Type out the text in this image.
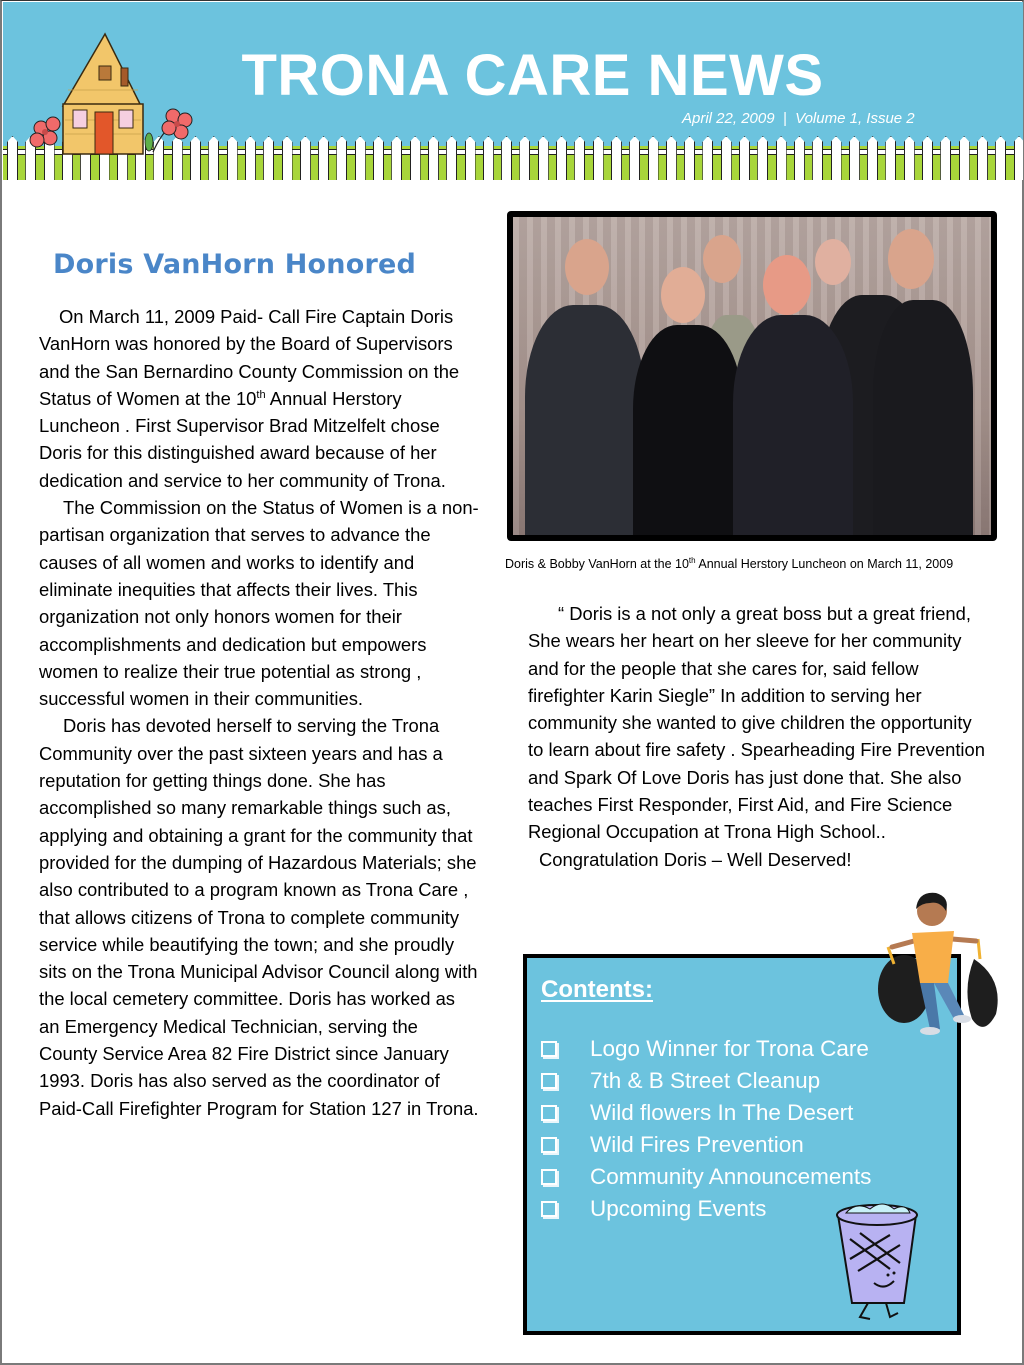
TRONA CARE NEWS
April 22, 2009  |  Volume 1, Issue 2
Doris VanHorn Honored

On March 11, 2009 Paid- Call Fire Captain Doris VanHorn was honored by the Board of Supervisors and the San Bernardino County Commission on the Status of Women at the 10th Annual Herstory Luncheon . First Supervisor Brad Mitzelfelt chose Doris for this distinguished award because of her dedication and service to her community of Trona.

The Commission on the Status of Women is a non-partisan organization that serves to advance the causes of all women and works to identify and eliminate inequities that affects their lives. This organization not only honors women for their accomplishments and dedication but empowers women to realize their true potential as strong , successful women in their communities.

Doris has devoted herself to serving the Trona Community over the past sixteen years and has a reputation for getting things done. She has accomplished so many remarkable things such as, applying and obtaining a grant for the community that provided for the dumping of Hazardous Materials; she also contributed to a program known as Trona Care , that allows citizens of Trona to complete community service while beautifying the town; and she proudly sits on the Trona Municipal Advisor Council along with the local cemetery committee. Doris has worked as an Emergency Medical Technician, serving the County Service Area 82 Fire District since January 1993. Doris has also served as the coordinator of Paid-Call Firefighter Program for Station 127 in Trona.

Doris & Bobby VanHorn at the 10th Annual Herstory Luncheon on March 11, 2009

“ Doris is a not only a great boss but a great friend, She wears her heart on her sleeve for her community and for the people that she cares for, said fellow firefighter Karin Siegle” In addition to serving her community she wanted to give children the opportunity to learn about fire safety . Spearheading Fire Prevention and Spark Of Love Doris has just done that. She also teaches First Responder, First Aid, and Fire Science Regional Occupation at Trona High School..

Congratulation Doris – Well Deserved!

Contents:
Logo Winner for Trona Care
7th & B Street Cleanup
Wild flowers In The Desert
Wild Fires Prevention
Community Announcements
Upcoming Events
